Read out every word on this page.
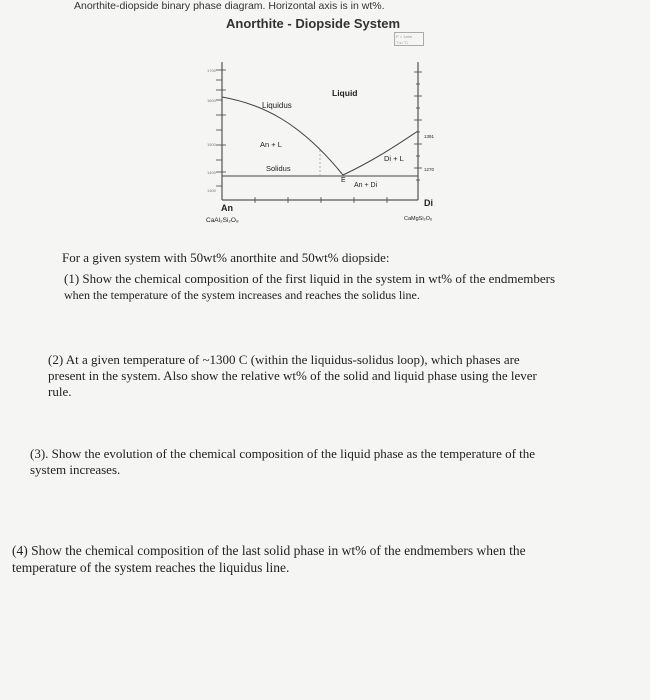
Anorthite-diopside binary phase diagram. Horizontal axis is in wt%.
Anorthite - Diopside System
P = 1atm
T in °C
1700
1600
1500
1400
1300
Liquid
Liquidus
An + L
Solidus
Di + L
E
An + Di
1270
1391
An
CaAl₂Si₂O₈
Di
CaMgSi₂O₆
For a given system with 50wt% anorthite and 50wt% diopside:
(1) Show the chemical composition of the first liquid in the system in wt% of the endmembers
when the temperature of the system increases and reaches the solidus line.
(2) At a given temperature of ~1300 C (within the liquidus-solidus loop), which phases are
present in the system. Also show the relative wt% of the solid and liquid phase using the lever
rule.
(3). Show the evolution of the chemical composition of the liquid phase as the temperature of the
system increases.
(4) Show the chemical composition of the last solid phase in wt% of the endmembers when the
temperature of the system reaches the liquidus line.
